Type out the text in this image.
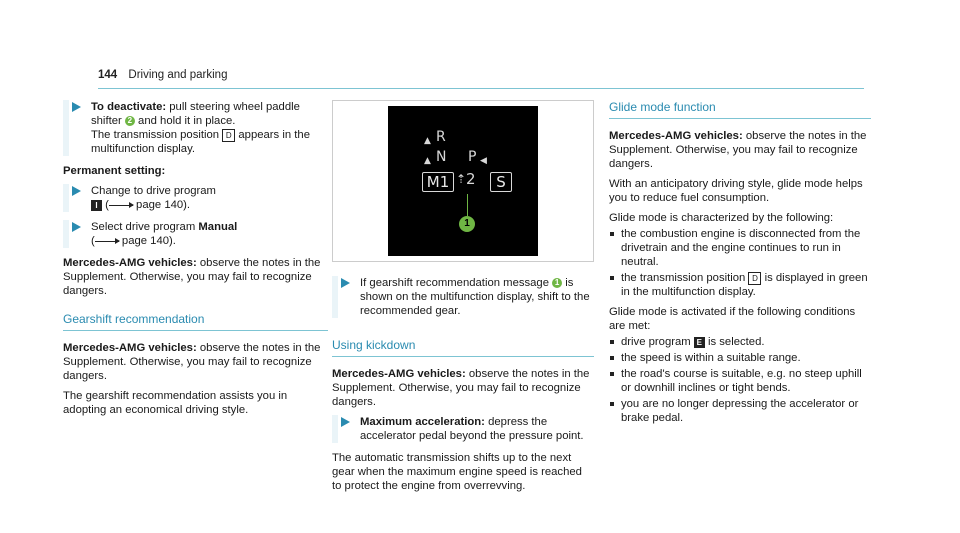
144 Driving and parking
To deactivate: pull steering wheel paddle shifter 2 and hold it in place.
The transmission position D appears in the multifunction display.

Permanent setting:

Change to drive program
I ( page 140).
Select drive program Manual
( page 140).

Mercedes-AMG vehicles: observe the notes in the Supplement. Otherwise, you may fail to recognize dangers.

Gearshift recommendation

Mercedes-AMG vehicles: observe the notes in the Supplement. Otherwise, you may fail to recognize dangers.

The gearshift recommendation assists you in adopting an economical driving style.

▲ R
▲ N P ◀
M1 ⇡ 2	S
1
If gearshift recommendation message 1 is shown on the multifunction display, shift to the recommended gear.
Using kickdown

Mercedes-AMG vehicles: observe the notes in the Supplement. Otherwise, you may fail to recognize dangers.

Maximum acceleration: depress the accelerator pedal beyond the pressure point.

The automatic transmission shifts up to the next gear when the maximum engine speed is reached to protect the engine from overrevving.

Glide mode function

Mercedes-AMG vehicles: observe the notes in the Supplement. Otherwise, you may fail to recognize dangers.

With an anticipatory driving style, glide mode helps you to reduce fuel consumption.

Glide mode is characterized by the following:

the combustion engine is disconnected from the drivetrain and the engine continues to run in neutral.
the transmission position D is displayed in green in the multifunction display.

Glide mode is activated if the following conditions are met:

drive program E is selected.
the speed is within a suitable range.
the road's course is suitable, e.g. no steep uphill or downhill inclines or tight bends.
you are no longer depressing the accelerator or brake pedal.
